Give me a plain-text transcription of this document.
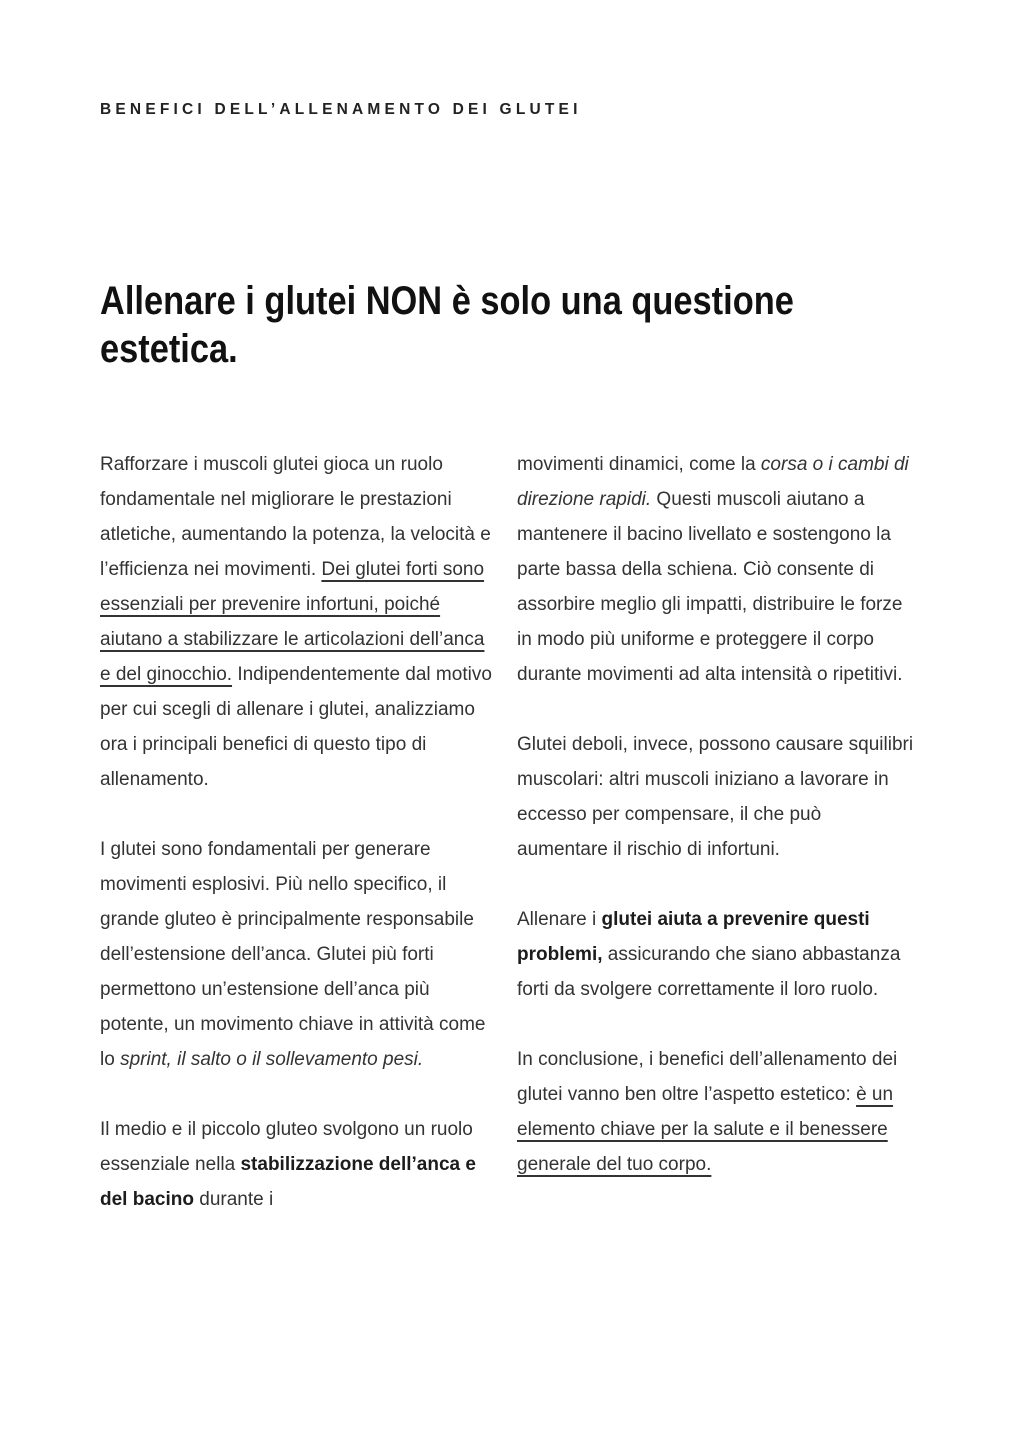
BENEFICI DELL’ALLENAMENTO DEI GLUTEI
Allenare i glutei NON è solo una questione
estetica.

Rafforzare i muscoli glutei gioca un ruolo fondamentale nel migliorare le prestazioni atletiche, aumentando la potenza, la velocità e l’efficienza nei movimenti. Dei glutei forti sono essenziali per prevenire infortuni, poiché aiutano a stabilizzare le articolazioni dell’anca e del ginocchio. Indipendentemente dal motivo per cui scegli di allenare i glutei, analizziamo ora i principali benefici di questo tipo di allenamento.

I glutei sono fondamentali per generare movimenti esplosivi. Più nello specifico, il grande gluteo è principalmente responsabile dell’estensione dell’anca. Glutei più forti permettono un’estensione dell’anca più potente, un movimento chiave in attività come lo sprint, il salto o il sollevamento pesi.

Il medio e il piccolo gluteo svolgono un ruolo essenziale nella stabilizzazione dell’anca e del bacino durante i

movimenti dinamici, come la corsa o i cambi di direzione rapidi. Questi muscoli aiutano a mantenere il bacino livellato e sostengono la parte bassa della schiena. Ciò consente di assorbire meglio gli impatti, distribuire le forze in modo più uniforme e proteggere il corpo durante movimenti ad alta intensità o ripetitivi.

Glutei deboli, invece, possono causare squilibri muscolari: altri muscoli iniziano a lavorare in eccesso per compensare, il che può aumentare il rischio di infortuni.

Allenare i glutei aiuta a prevenire questi problemi, assicurando che siano abbastanza forti da svolgere correttamente il loro ruolo.

In conclusione, i benefici dell’allenamento dei glutei vanno ben oltre l’aspetto estetico: è un elemento chiave per la salute e il benessere generale del tuo corpo.
